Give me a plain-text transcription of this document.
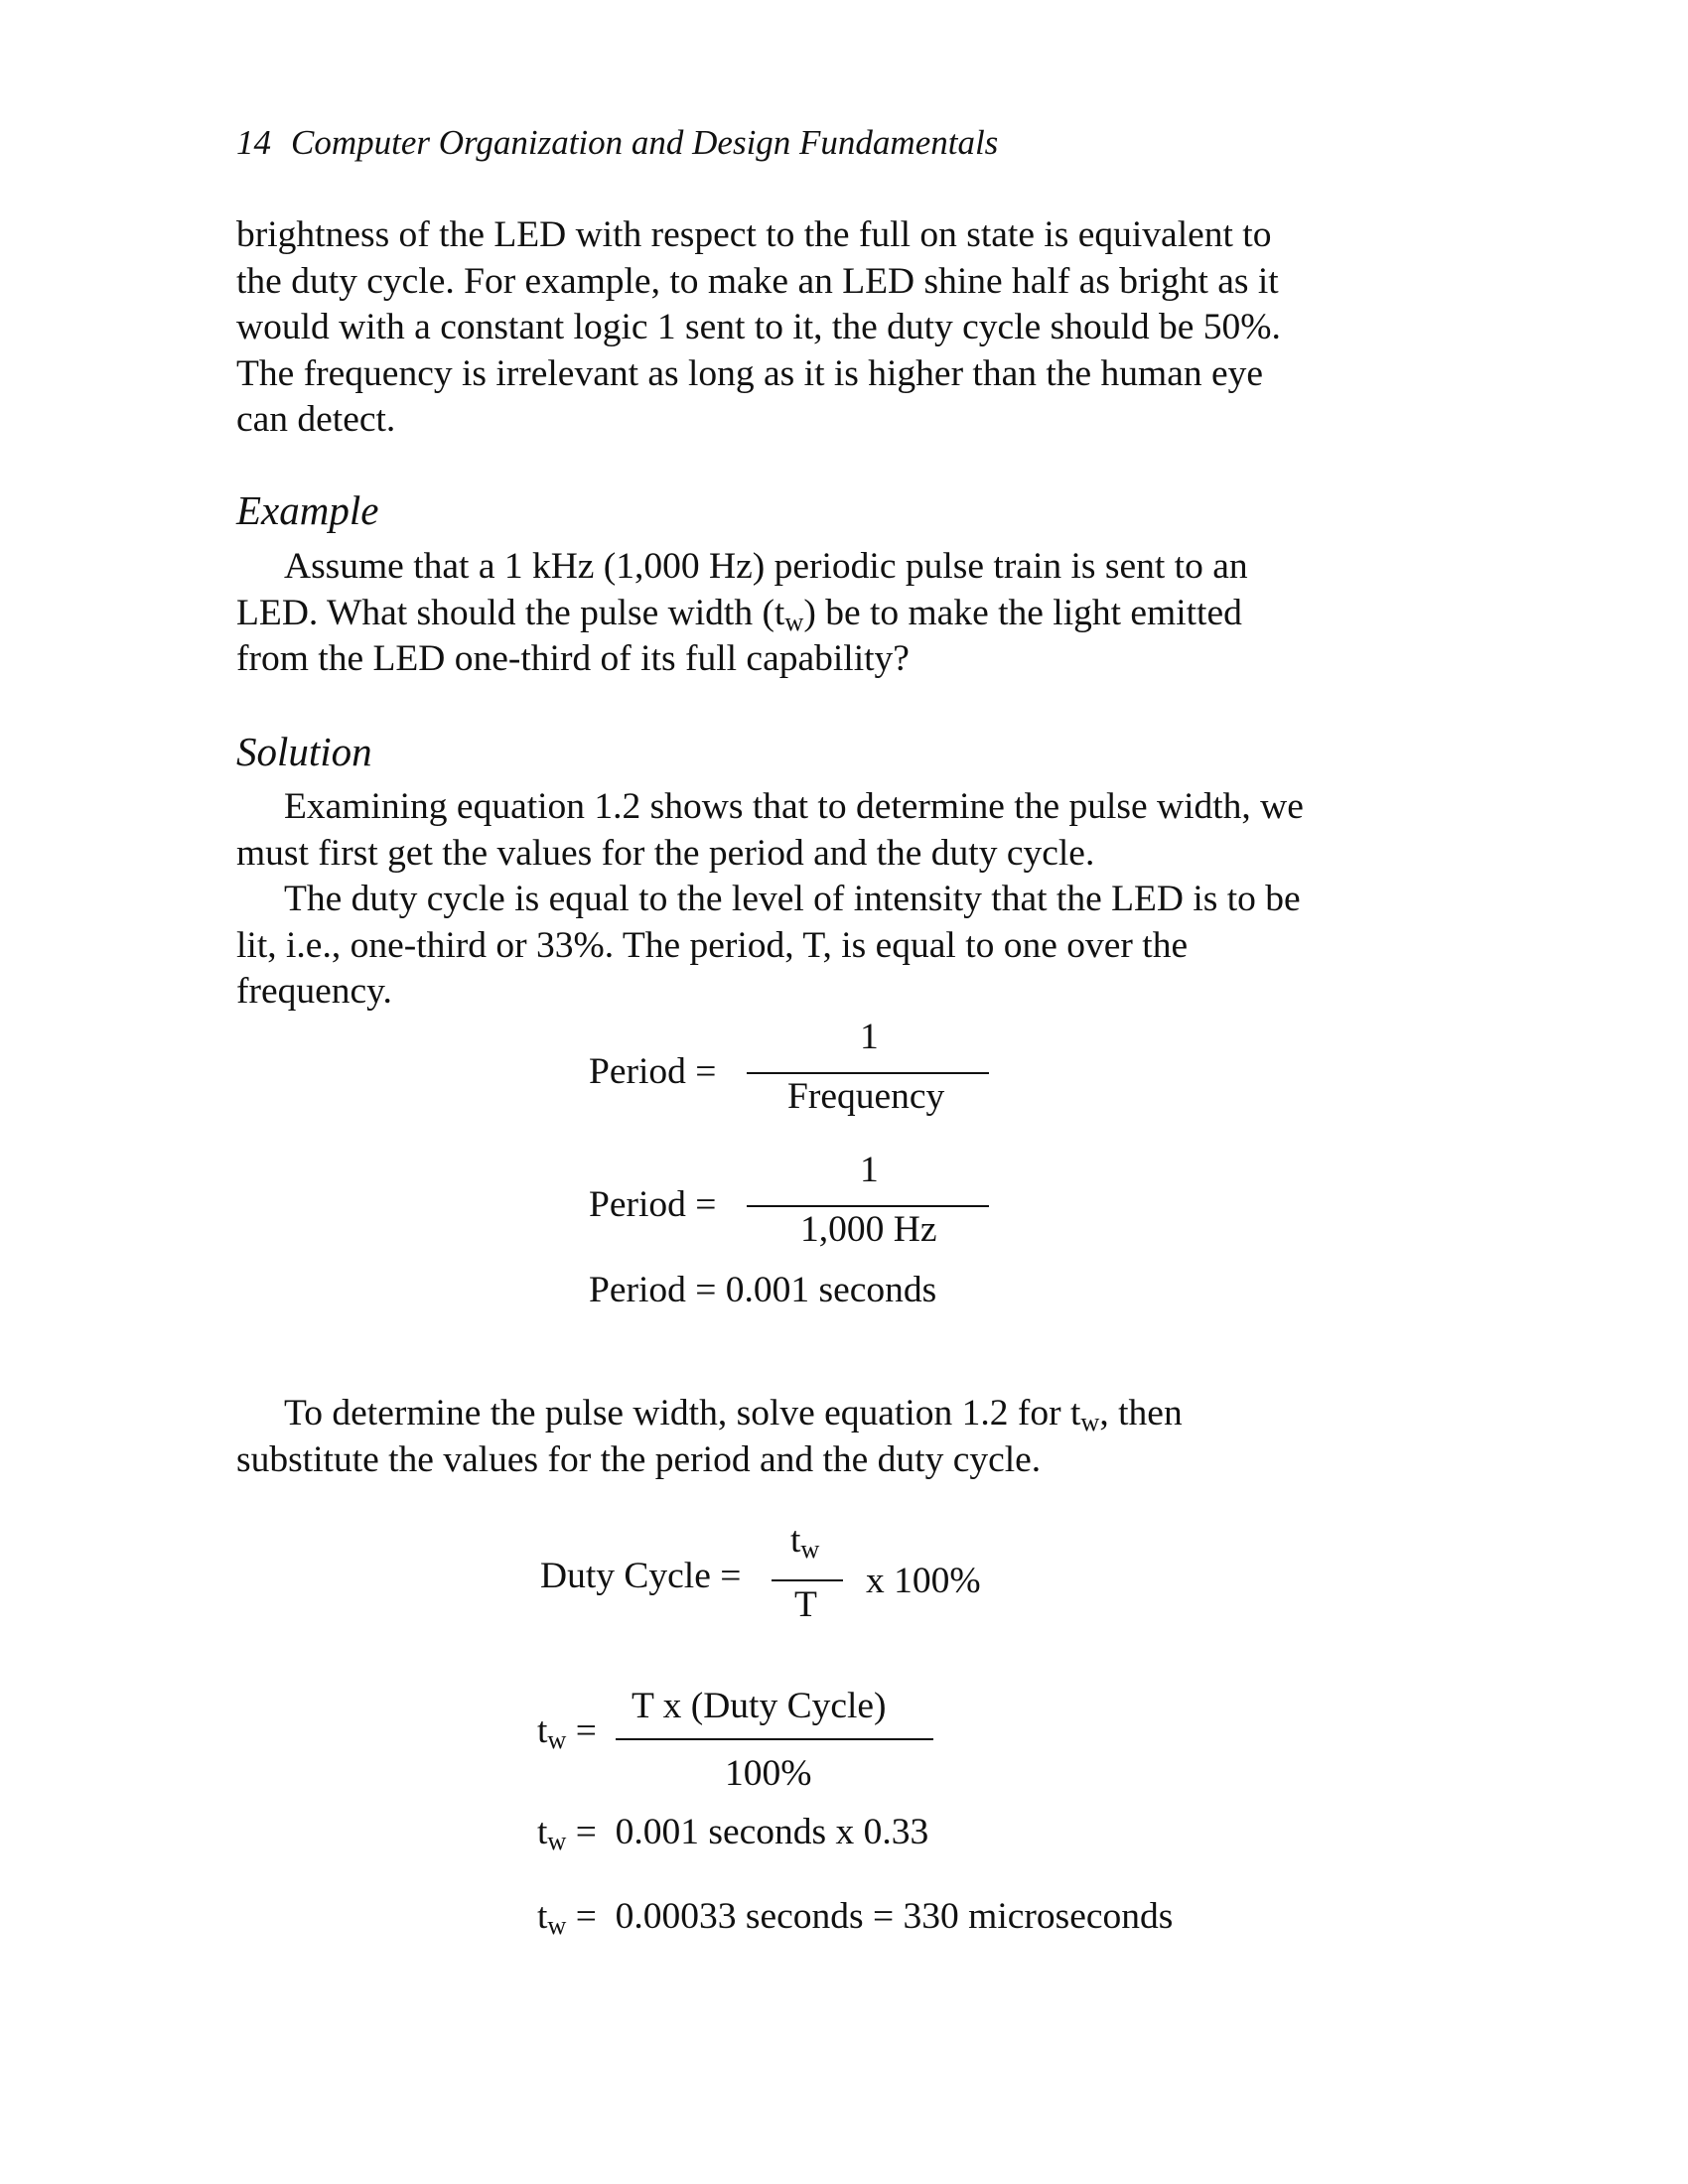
14 Computer Organization and Design Fundamentals

brightness of the LED with respect to the full on state is equivalent to

the duty cycle. For example, to make an LED shine half as bright as it

would with a constant logic 1 sent to it, the duty cycle should be 50%.

The frequency is irrelevant as long as it is higher than the human eye

can detect.

Example

Assume that a 1 kHz (1,000 Hz) periodic pulse train is sent to an

LED. What should the pulse width $(t_w)$ be to make the light emitted

from the LED one-third of its full capability?

Solution

Examining equation 1.2 shows that to determine the pulse width, we

must first get the values for the period and the duty cycle.

The duty cycle is equal to the level of intensity that the LED is to be

lit, i.e., one-third or 33%. The period, T, is equal to one over the

frequency.

Period =
1
Frequency
Period =
1
1,000 Hz
Period = 0.001 seconds

To determine the pulse width, solve equation 1.2 for $t_w$, then

substitute the values for the period and the duty cycle.

Duty Cycle =
$t_w$
T
x 100%
$t_w$ =
T x (Duty Cycle)
100%
$t_w = 0.001$ seconds x 0.33
$t_w = 0.00033$ seconds = 330 microseconds
